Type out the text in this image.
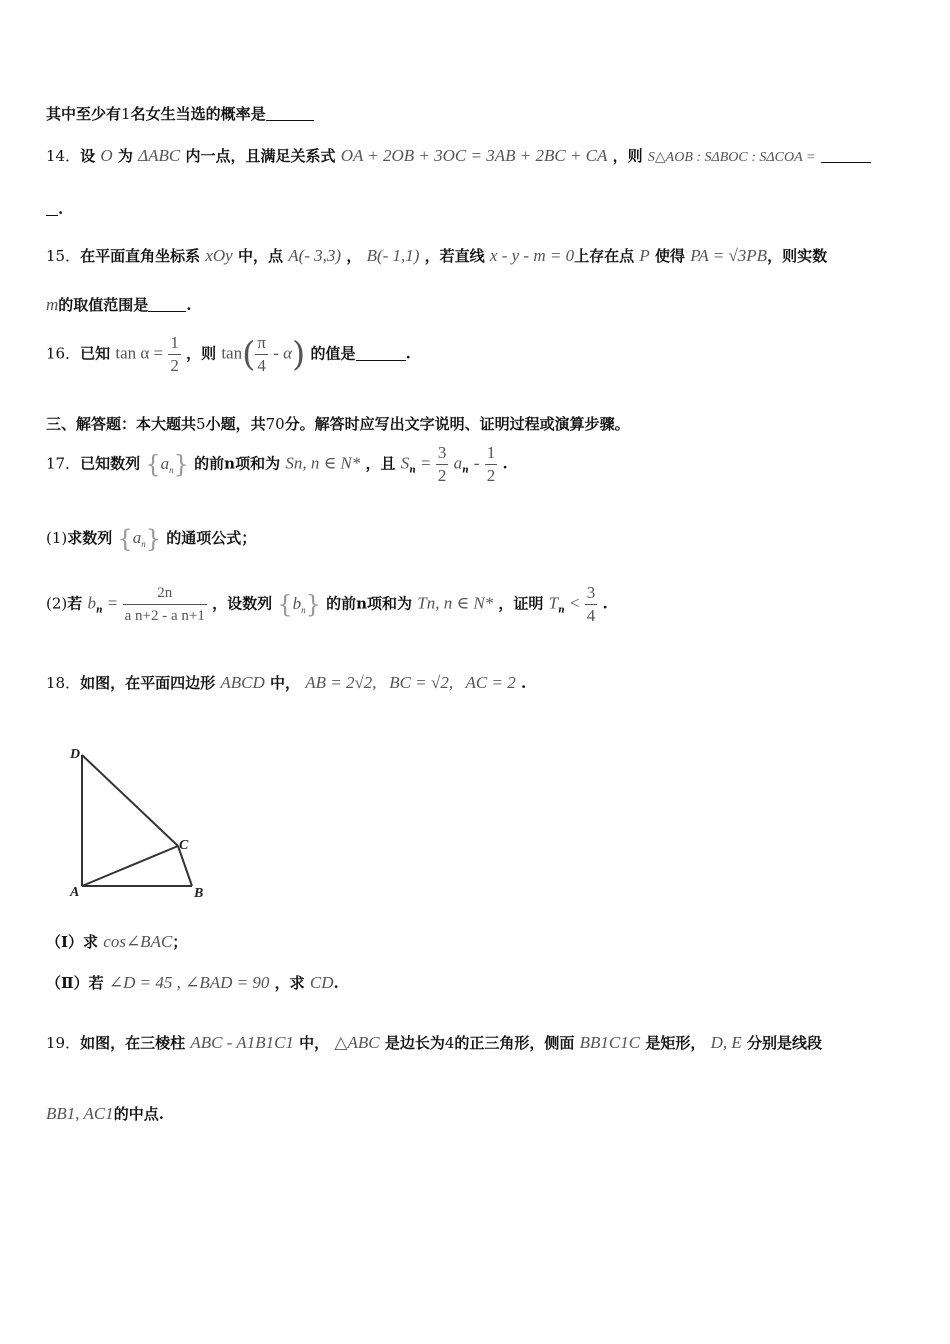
其中至少有1名女生当选的概率是
14．设 O 为 ΔABC 内一点，且满足关系式 OA + 2OB + 3OC = 3AB + 2BC + CA ，则 S△AOB : SΔBOC : SΔCOA =
.
15．在平面直角坐标系 xOy 中，点 A(- 3,3) ， B(- 1,1) ，若直线 x - y - m = 0上存在点 P 使得 PA = √3PB，则实数
m的取值范围是	.
16．已知 $\tan \alpha = \frac{1}{2}$ ，则 $\tan( \frac{\pi}{4} - \alpha)$ 的值是	.
三、解答题：本大题共5小题，共70分。解答时应写出文字说明、证明过程或演算步骤。
17．已知数列 $\{a_n\}$ 的前n项和为 Sn, n ∈ N* ，且 $S_n = \frac{3}{2} a_n - \frac{1}{2}$ .
(1)求数列 $\{a_n\}$ 的通项公式；
(2)若 $b_n = \frac{2n}{\text{a n+2 - a n+1}}$ ，设数列 $\{b_n\}$ 的前n项和为 Tn, n ∈ N* ，证明 $T_n < \frac{3}{4}$ .
18．如图，在平面四边形 ABCD 中， AB = 2√2,   BC = √2,   AC = 2 .
D
C
A	B
（Ⅰ）求 cos∠BAC；
（Ⅱ）若 ∠D = 45 , ∠BAD = 90 ，求 CD.
19．如图，在三棱柱 ABC - A1B1C1 中， △ABC 是边长为4的正三角形，侧面 BB1C1C 是矩形， D, E 分别是线段
BB1, AC1的中点.
